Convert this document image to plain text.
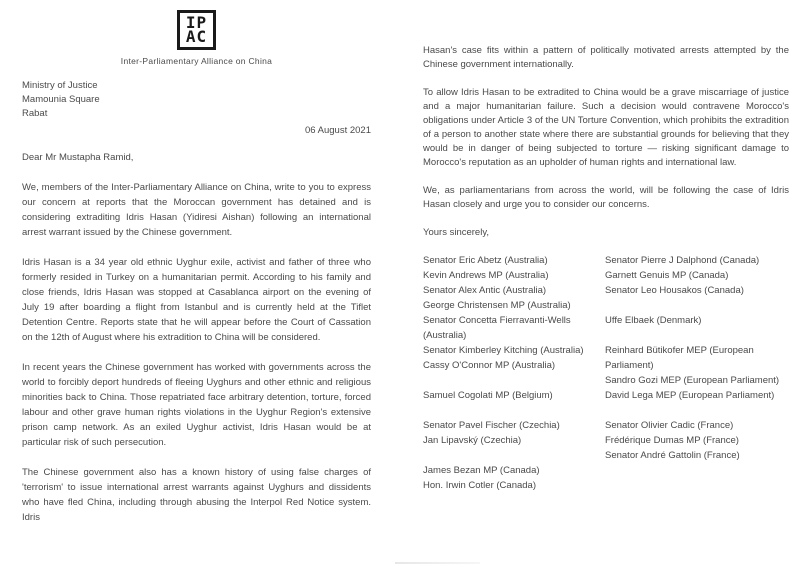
IP
AC
Inter-Parliamentary Alliance on China
Ministry of Justice
Mamounia Square
Rabat
06 August 2021
Dear Mr Mustapha Ramid,

We, members of the Inter-Parliamentary Alliance on China, write to you to express our concern at reports that the Moroccan government has detained and is considering extraditing Idris Hasan (Yidiresi Aishan) following an international arrest warrant issued by the Chinese government.

Idris Hasan is a 34 year old ethnic Uyghur exile, activist and father of three who formerly resided in Turkey on a humanitarian permit. According to his family and close friends, Idris Hasan was stopped at Casablanca airport on the evening of July 19 after boarding a flight from Istanbul and is currently held at the Tiflet Detention Centre. Reports state that he will appear before the Court of Cassation on the 12th of August where his extradition to China will be considered.

In recent years the Chinese government has worked with governments across the world to forcibly deport hundreds of fleeing Uyghurs and other ethnic and religious minorities back to China. Those repatriated face arbitrary detention, torture, forced labour and other grave human rights violations in the Uyghur Region's extensive prison camp network. As an exiled Uyghur activist, Idris Hasan would be at particular risk of such persecution.

The Chinese government also has a known history of using false charges of 'terrorism' to issue international arrest warrants against Uyghurs and dissidents who have fled China, including through abusing the Interpol Red Notice system. Idris

Hasan's case fits within a pattern of politically motivated arrests attempted by the Chinese government internationally.

To allow Idris Hasan to be extradited to China would be a grave miscarriage of justice and a major humanitarian failure. Such a decision would contravene Morocco's obligations under Article 3 of the UN Torture Convention, which prohibits the extradition of a person to another state where there are substantial grounds for believing that they would be in danger of being subjected to torture — risking significant damage to Morocco's reputation as an upholder of human rights and international law.

We, as parliamentarians from across the world, will be following the case of Idris Hasan closely and urge you to consider our concerns.

Yours sincerely,
Senator Eric Abetz (Australia)
Kevin Andrews MP (Australia)
Senator Alex Antic (Australia)
George Christensen MP (Australia)
Senator Concetta Fierravanti-Wells (Australia)
Senator Kimberley Kitching (Australia)
Cassy O'Connor MP (Australia)
Samuel Cogolati MP (Belgium)
Senator Pavel Fischer (Czechia)
Jan Lipavský (Czechia)
James Bezan MP (Canada)
Hon. Irwin Cotler (Canada)
Senator Pierre J Dalphond (Canada)
Garnett Genuis MP (Canada)
Senator Leo Housakos (Canada)
Uffe Elbaek (Denmark)
Reinhard Bütikofer MEP (European Parliament)
Sandro Gozi MEP (European Parliament)
David Lega MEP (European Parliament)
Senator Olivier Cadic (France)
Frédérique Dumas MP (France)
Senator André Gattolin (France)
